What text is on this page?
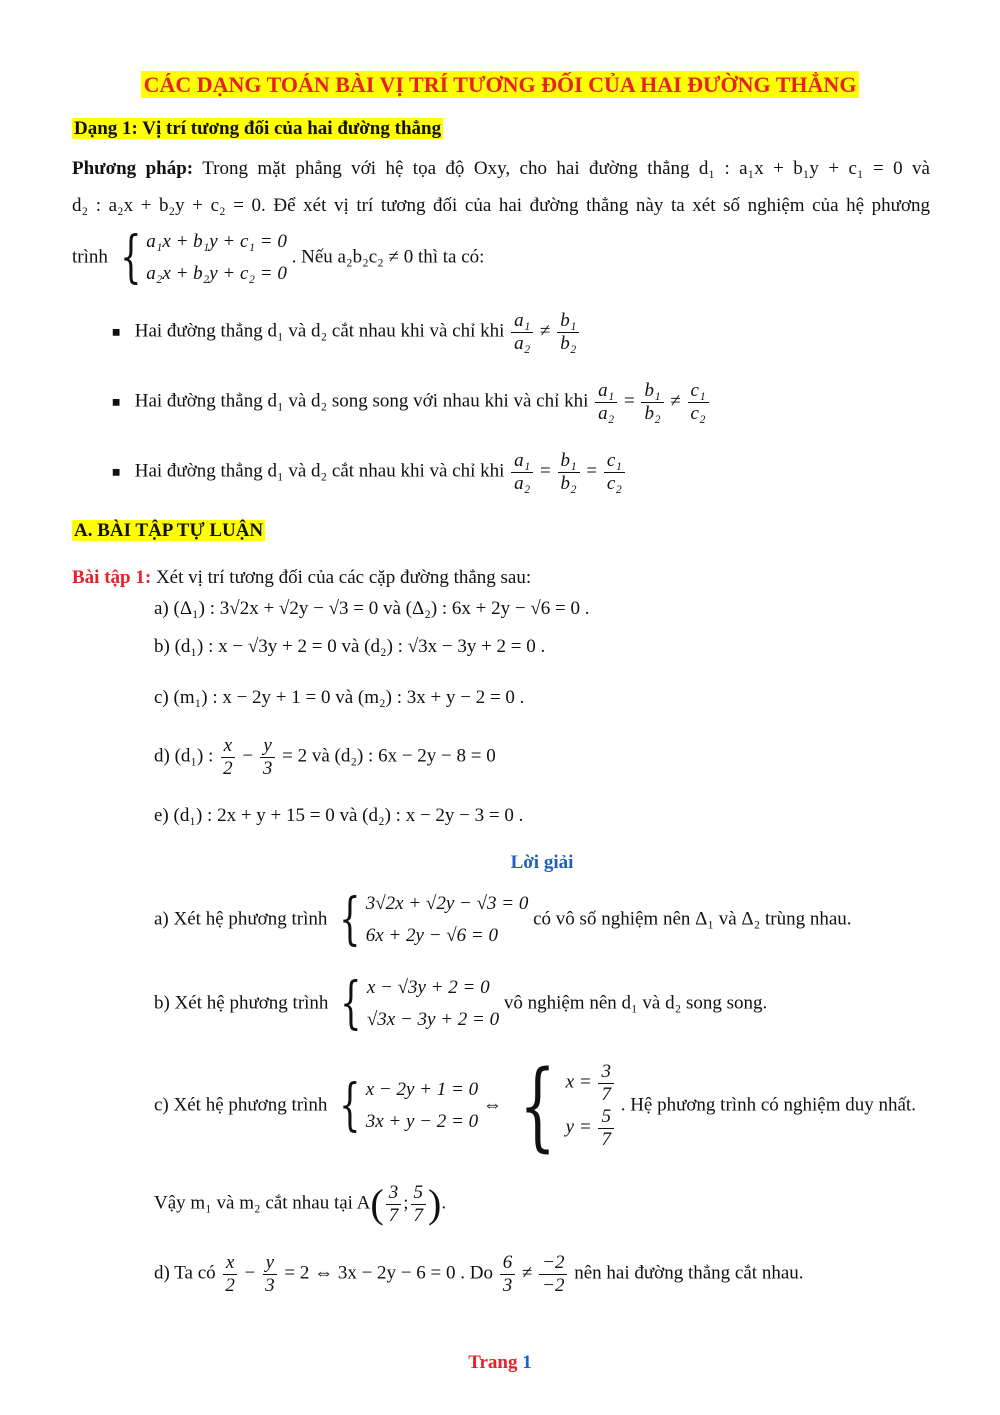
CÁC DẠNG TOÁN BÀI VỊ TRÍ TƯƠNG ĐỐI CỦA HAI ĐƯỜNG THẲNG
Dạng 1: Vị trí tương đối của hai đường thẳng
Phương pháp: Trong mặt phẳng với hệ tọa độ Oxy, cho hai đường thẳng d₁ : a₁x + b₁y + c₁ = 0 và
d₂ : a₂x + b₂y + c₂ = 0. Để xét vị trí tương đối của hai đường thẳng này ta xét số nghiệm của hệ phương
trình { a₁x + b₁y + c₁ = 0
a₂x + b₂y + c₂ = 0
. Nếu a₂b₂c₂ ≠ 0 thì ta có:
■ Hai đường thẳng d₁ và d₂ cắt nhau khi và chỉ khi $\frac{\text{a₁}}{\text{a₂}} \ne \frac{\text{b₁}}{\text{b₂}}$
■ Hai đường thẳng d₁ và d₂ song song với nhau khi và chỉ khi $\frac{\text{a₁}}{\text{a₂}} = \frac{\text{b₁}}{\text{b₂}} \ne \frac{\text{c₁}}{\text{c₂}}$
■ Hai đường thẳng d₁ và d₂ cắt nhau khi và chỉ khi $\frac{\text{a₁}}{\text{a₂}} = \frac{\text{b₁}}{\text{b₂}} = \frac{\text{c₁}}{\text{c₂}}$
A. BÀI TẬP TỰ LUẬN
Bài tập 1: Xét vị trí tương đối của các cặp đường thẳng sau:
a) (Δ₁) : 3√2x + √2y − √3 = 0 và (Δ₂) : 6x + 2y − √6 = 0 .
b) (d₁) : x − √3y + 2 = 0 và (d₂) : √3x − 3y + 2 = 0 .
c) (m₁) : x − 2y + 1 = 0 và (m₂) : 3x + y − 2 = 0 .
d) (d₁) : $\frac{x}{2} - \frac{y}{3} = 2$ và (d₂) : 6x − 2y − 8 = 0
e) (d₁) : 2x + y + 15 = 0 và (d₂) : x − 2y − 3 = 0 .
Lời giải
a) Xét hệ phương trình { 3√2x + √2y − √3 = 0
6x + 2y − √6 = 0
có vô số nghiệm nên Δ₁ và Δ₂ trùng nhau.
b) Xét hệ phương trình { x − √3y + 2 = 0
√3x − 3y + 2 = 0
vô nghiệm nên d₁ và d₂ song song.
c) Xét hệ phương trình { x − 2y + 1 = 0
3x + y − 2 = 0
⇔ { $x = \frac{3}{7}$
$y = \frac{5}{7}$
. Hệ phương trình có nghiệm duy nhất.
Vậy m₁ và m₂ cắt nhau tại $A( \frac{3}{7}$ ; $\frac{5}{7}$ ).
d) Ta có $\frac{x}{2} - \frac{y}{3} = 2$ ⇔ 3x − 2y − 6 = 0 . Do $\frac{6}{3} \ne \frac{-2}{-2}$ nên hai đường thẳng cắt nhau.
Trang 1
